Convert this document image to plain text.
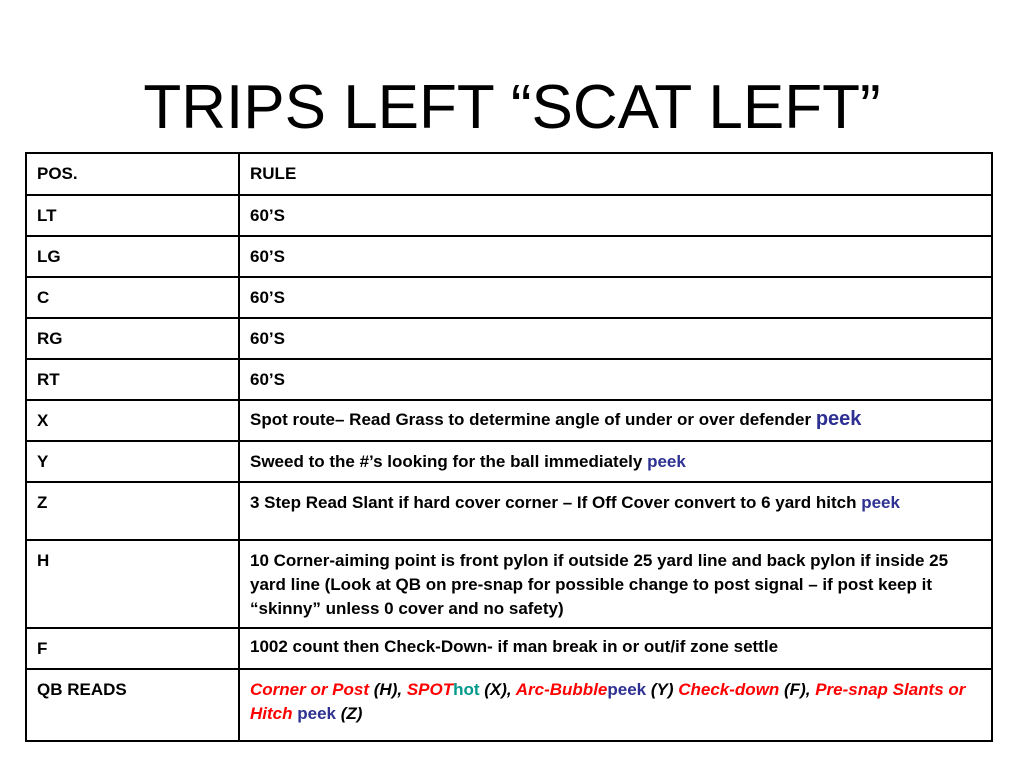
TRIPS LEFT “SCAT LEFT”
POS.	RULE
LT	60’S
LG	60’S
C	60’S
RG	60’S
RT	60’S
X	Spot route– Read Grass to determine angle of under or over defender peek
Y	Sweed to the #’s looking for the ball immediately peek
Z	3 Step Read Slant if hard cover corner – If Off Cover convert to 6 yard hitch peek
H	10 Corner-aiming point is front pylon if outside 25 yard line and back pylon if inside 25 yard line (Look at QB on pre-snap for possible change to post signal – if post keep it “skinny” unless 0 cover and no safety)
F	1002 count then Check-Down- if man break in or out/if zone settle
QB READS	Corner or Post (H), SPOThot (X), Arc-Bubblepeek (Y) Check-down (F), Pre-snap Slants or Hitch peek (Z)
